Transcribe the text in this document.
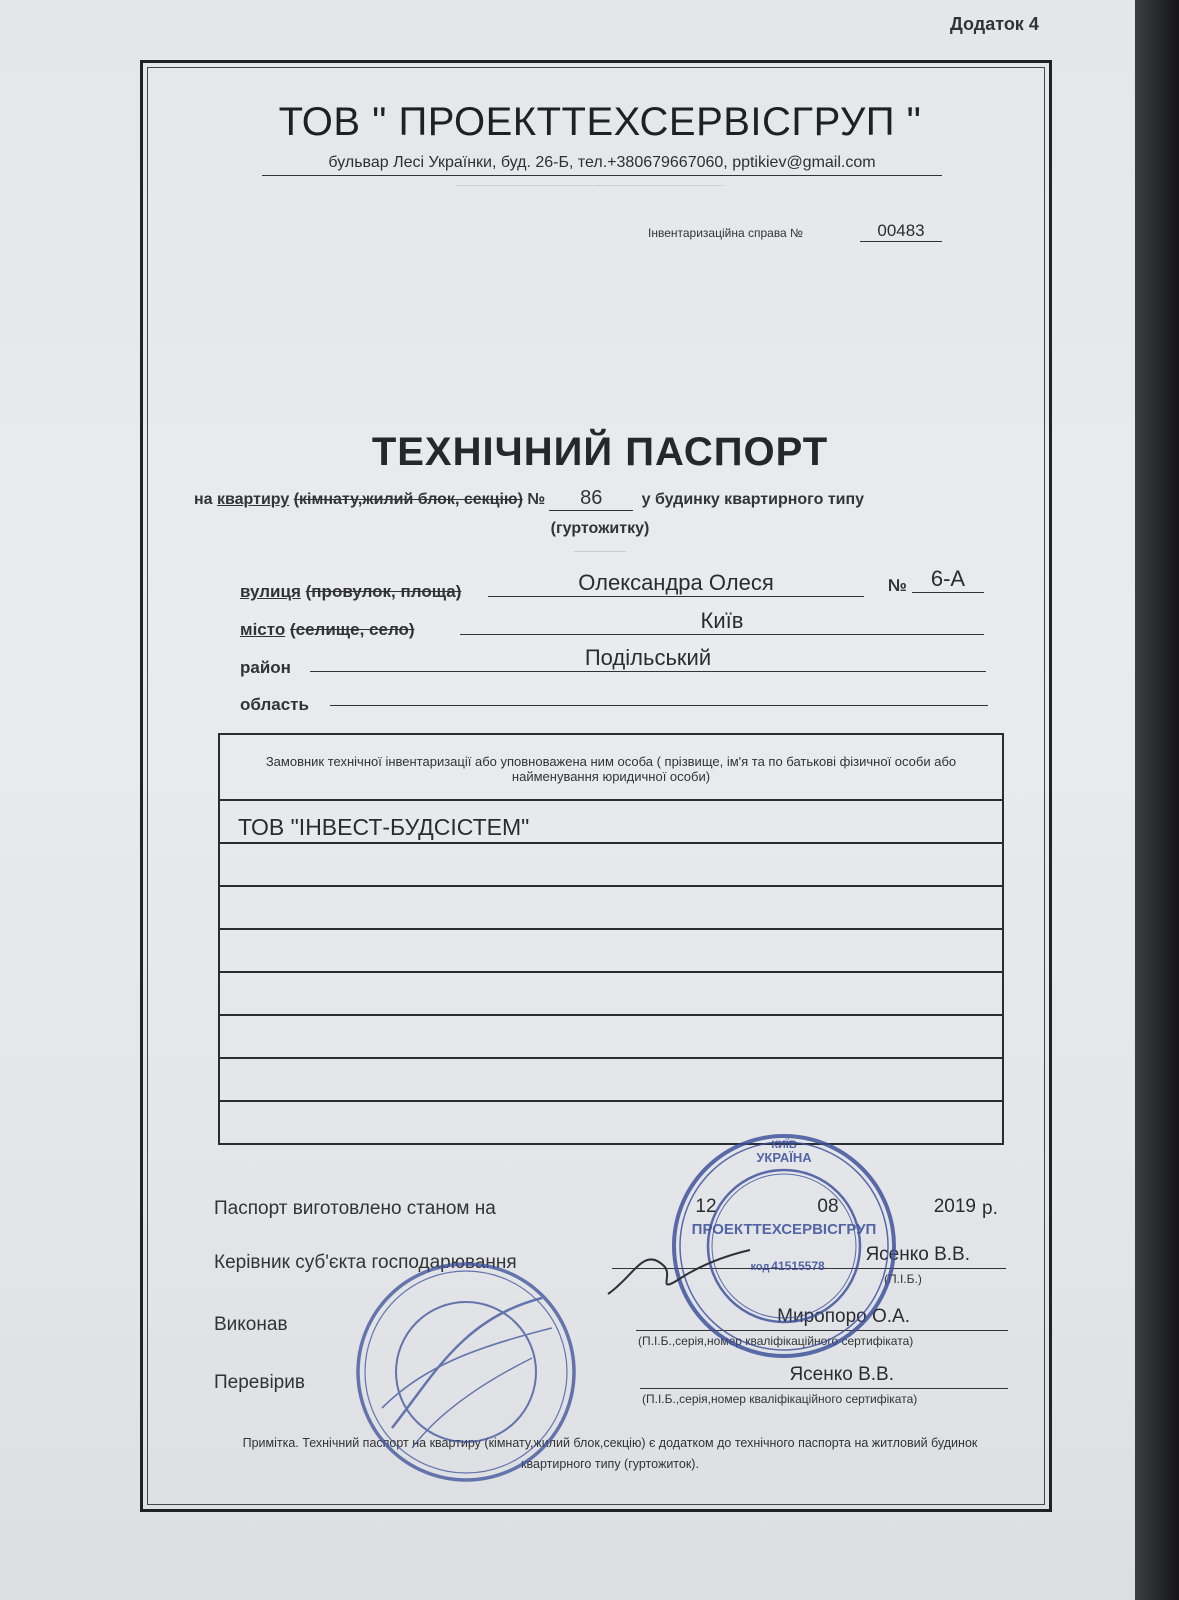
Додаток 4
ТОВ " ПРОЕКТТЕХСЕРВІСГРУП "
бульвар Лесі Українки, буд. 26-Б, тел.+380679667060, pptikiev@gmail.com
·········································································································································
Інвентаризаційна справа №	00483
ТЕХНІЧНИЙ ПАСПОРТ
на квартиру (кімнату,жилий блок, секцію) № 86 у будинку квартирного типу
(гуртожитку)
··························
вулиця (провулок, площа)	Олександра Олеся	№	6-А
місто (селище, село)	Київ
район	Подільський
область
Замовник технічної інвентаризації або уповноважена ним особа ( прізвище, ім'я та по батькові фізичної особи або найменування юридичної особи)
ТОВ "ІНВЕСТ-БУДСІСТЕМ"
Паспорт виготовлено станом на	12	08	2019 р.
Керівник суб'єкта господарювання	Ясенко В.В.
(П.І.Б.)
Виконав	Миропоро О.А.
(П.І.Б.,серія,номер кваліфікаційного сертифіката)
Перевірив	Ясенко В.В.
(П.І.Б.,серія,номер кваліфікаційного сертифіката)
Примітка. Технічний паспорт на квартиру (кімнату,жилий блок,секцію) є додатком до технічного паспорта на житловий будинок квартирного типу (гуртожиток).
УКРАЇНА
КИЇВ
ПРОЕКТТЕХСЕРВІСГРУП
код 41515578
